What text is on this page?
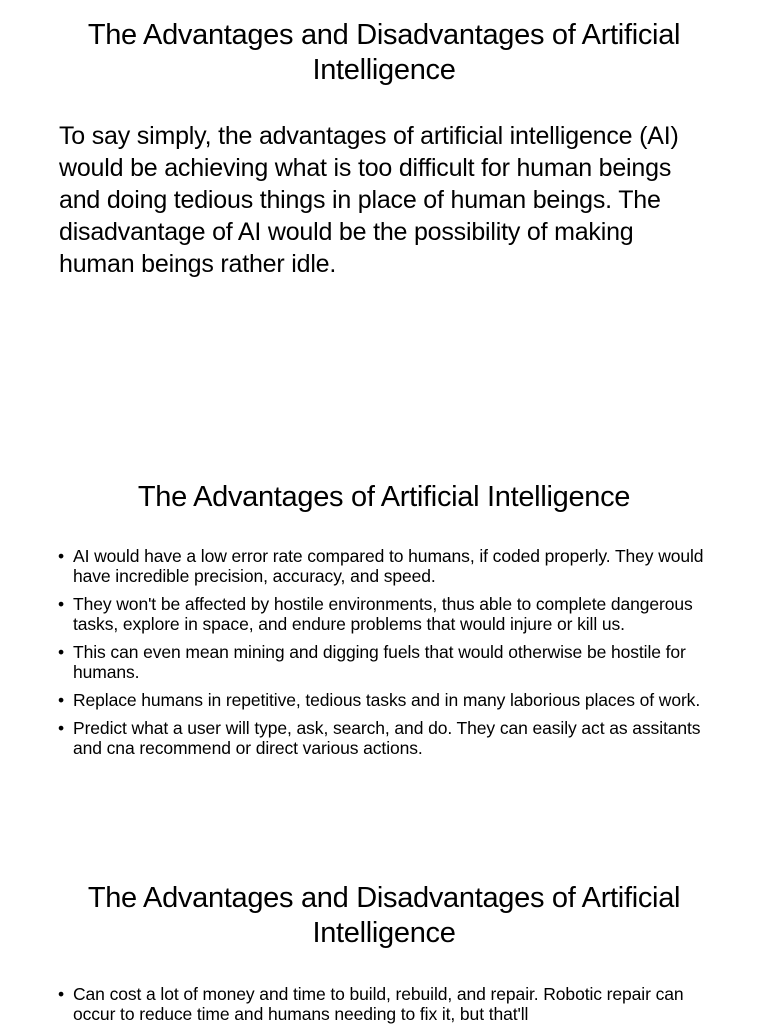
The Advantages and Disadvantages of Artificial Intelligence

To say simply, the advantages of artificial intelligence (AI) would be achieving what is too difficult for human beings and doing tedious things in place of human beings. The disadvantage of AI would be the possibility of making human beings rather idle.

The Advantages of Artificial Intelligence
• AI would have a low error rate compared to humans, if coded properly. They would have incredible precision, accuracy, and speed.
• They won't be affected by hostile environments, thus able to complete dangerous tasks, explore in space, and endure problems that would injure or kill us.
• This can even mean mining and digging fuels that would otherwise be hostile for humans.
• Replace humans in repetitive, tedious tasks and in many laborious places of work.
• Predict what a user will type, ask, search, and do. They can easily act as assitants and cna recommend or direct various actions.
The Advantages and Disadvantages of Artificial Intelligence
• Can cost a lot of money and time to build, rebuild, and repair. Robotic repair can occur to reduce time and humans needing to fix it, but that'll
